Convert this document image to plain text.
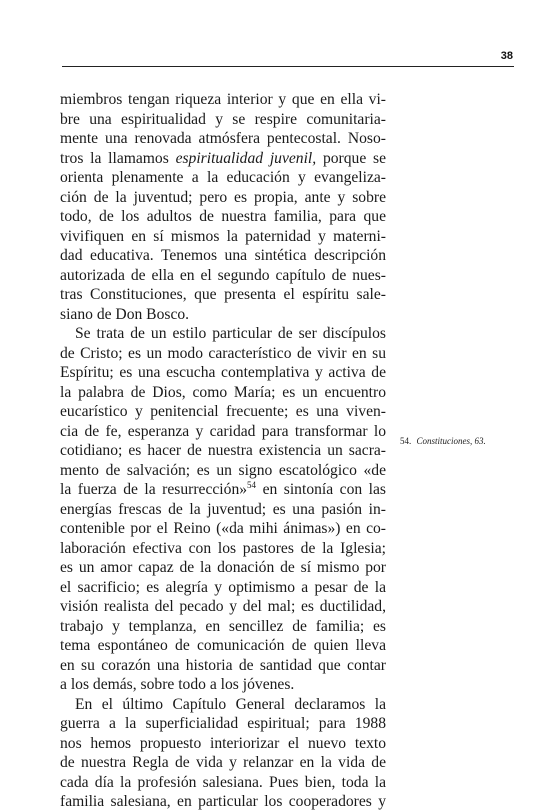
38
miembros tengan riqueza interior y que en ella vi-
bre una espiritualidad y se respire comunitaria-
mente una renovada atmósfera pentecostal. Noso-
tros la llamamos espiritualidad juvenil, porque se
orienta plenamente a la educación y evangeliza-
ción de la juventud; pero es propia, ante y sobre
todo, de los adultos de nuestra familia, para que
vivifiquen en sí mismos la paternidad y materni-
dad educativa. Tenemos una sintética descripción
autorizada de ella en el segundo capítulo de nues-
tras Constituciones, que presenta el espíritu sale-
siano de Don Bosco.
Se trata de un estilo particular de ser discípulos
de Cristo; es un modo característico de vivir en su
Espíritu; es una escucha contemplativa y activa de
la palabra de Dios, como María; es un encuentro
eucarístico y penitencial frecuente; es una viven-
cia de fe, esperanza y caridad para transformar lo
cotidiano; es hacer de nuestra existencia un sacra-
mento de salvación; es un signo escatológico «de
la fuerza de la resurrección»$^{54}$ en sintonía con las
energías frescas de la juventud; es una pasión in-
contenible por el Reino («da mihi ánimas») en co-
laboración efectiva con los pastores de la Iglesia;
es un amor capaz de la donación de sí mismo por
el sacrificio; es alegría y optimismo a pesar de la
visión realista del pecado y del mal; es ductilidad,
trabajo y templanza, en sencillez de familia; es
tema espontáneo de comunicación de quien lleva
en su corazón una historia de santidad que contar
a los demás, sobre todo a los jóvenes.
En el último Capítulo General declaramos la
guerra a la superficialidad espiritual; para 1988
nos hemos propuesto interiorizar el nuevo texto
de nuestra Regla de vida y relanzar en la vida de
cada día la profesión salesiana. Pues bien, toda la
familia salesiana, en particular los cooperadores y
54. Constituciones, 63.
